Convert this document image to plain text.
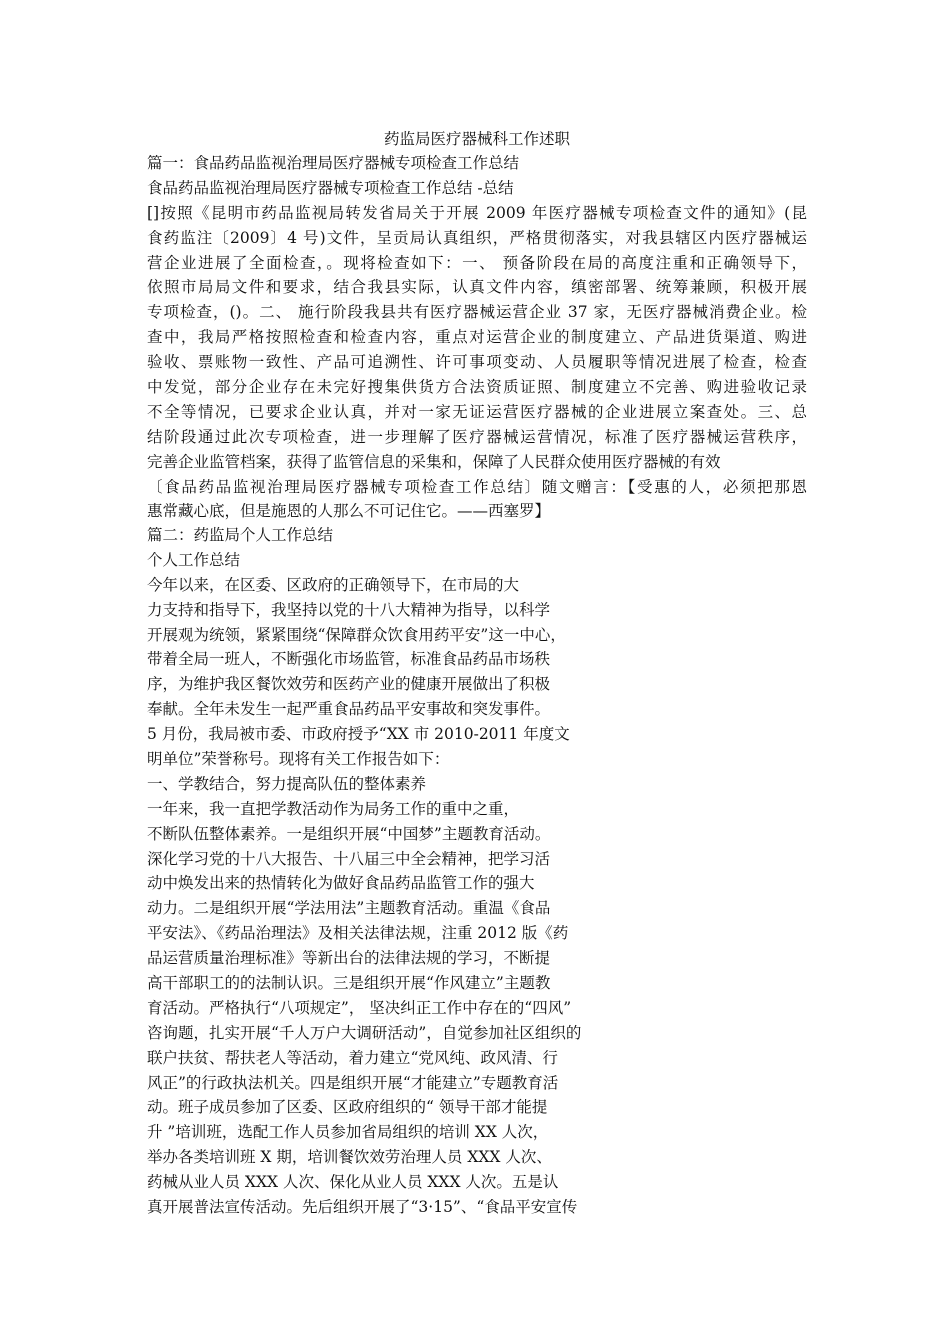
药监局医疗器械科工作述职
篇一：食品药品监视治理局医疗器械专项检查工作总结
食品药品监视治理局医疗器械专项检查工作总结 -总结
[]按照《昆明市药品监视局转发省局关于开展 2009 年医疗器械专项检查文件的通知》(昆
食药监注〔2009〕4 号)文件，呈贡局认真组织，严格贯彻落实，对我县辖区内医疗器械运
营企业进展了全面检查，。现将检查如下：一、 预备阶段在局的高度注重和正确领导下，
依照市局局文件和要求，结合我县实际，认真文件内容，缜密部署、统筹兼顾，积极开展
专项检查，()。二、 施行阶段我县共有医疗器械运营企业 37 家，无医疗器械消费企业。检
查中，我局严格按照检查和检查内容，重点对运营企业的制度建立、产品进货渠道、购进
验收、票账物一致性、产品可追溯性、许可事项变动、人员履职等情况进展了检查，检查
中发觉，部分企业存在未完好搜集供货方合法资质证照、制度建立不完善、购进验收记录
不全等情况，已要求企业认真，并对一家无证运营医疗器械的企业进展立案查处。三、总
结阶段通过此次专项检查，进一步理解了医疗器械运营情况，标准了医疗器械运营秩序，
完善企业监管档案，获得了监管信息的采集和，保障了人民群众使用医疗器械的有效
〔食品药品监视治理局医疗器械专项检查工作总结〕随文赠言：【受惠的人，必须把那恩
惠常藏心底，但是施恩的人那么不可记住它。——西塞罗】
篇二：药监局个人工作总结
个人工作总结
今年以来，在区委、区政府的正确领导下，在市局的大
力支持和指导下，我坚持以党的十八大精神为指导，以科学
开展观为统领，紧紧围绕“保障群众饮食用药平安”这一中心，
带着全局一班人，不断强化市场监管，标准食品药品市场秩
序，为维护我区餐饮效劳和医药产业的健康开展做出了积极
奉献。全年未发生一起严重食品药品平安事故和突发事件。
5 月份，我局被市委、市政府授予“XX 市 2010-2011 年度文
明单位”荣誉称号。现将有关工作报告如下：
一、学教结合，努力提高队伍的整体素养
一年来，我一直把学教活动作为局务工作的重中之重，
不断队伍整体素养。一是组织开展“中国梦”主题教育活动。
深化学习党的十八大报告、十八届三中全会精神，把学习活
动中焕发出来的热情转化为做好食品药品监管工作的强大
动力。二是组织开展“学法用法”主题教育活动。重温《食品
平安法》、《药品治理法》及相关法律法规，注重 2012 版《药
品运营质量治理标准》等新出台的法律法规的学习，不断提
高干部职工的的法制认识。三是组织开展“作风建立”主题教
育活动。严格执行“八项规定”， 坚决纠正工作中存在的“四风”
咨询题，扎实开展“千人万户大调研活动”，自觉参加社区组织的
联户扶贫、帮扶老人等活动，着力建立“党风纯、政风清、行
风正”的行政执法机关。四是组织开展“才能建立”专题教育活
动。班子成员参加了区委、区政府组织的“ 领导干部才能提
升 ”培训班，选配工作人员参加省局组织的培训 XX 人次，
举办各类培训班 X 期，培训餐饮效劳治理人员 XXX 人次、
药械从业人员 XXX 人次、保化从业人员 XXX 人次。五是认
真开展普法宣传活动。先后组织开展了“3·15”、“食品平安宣传
